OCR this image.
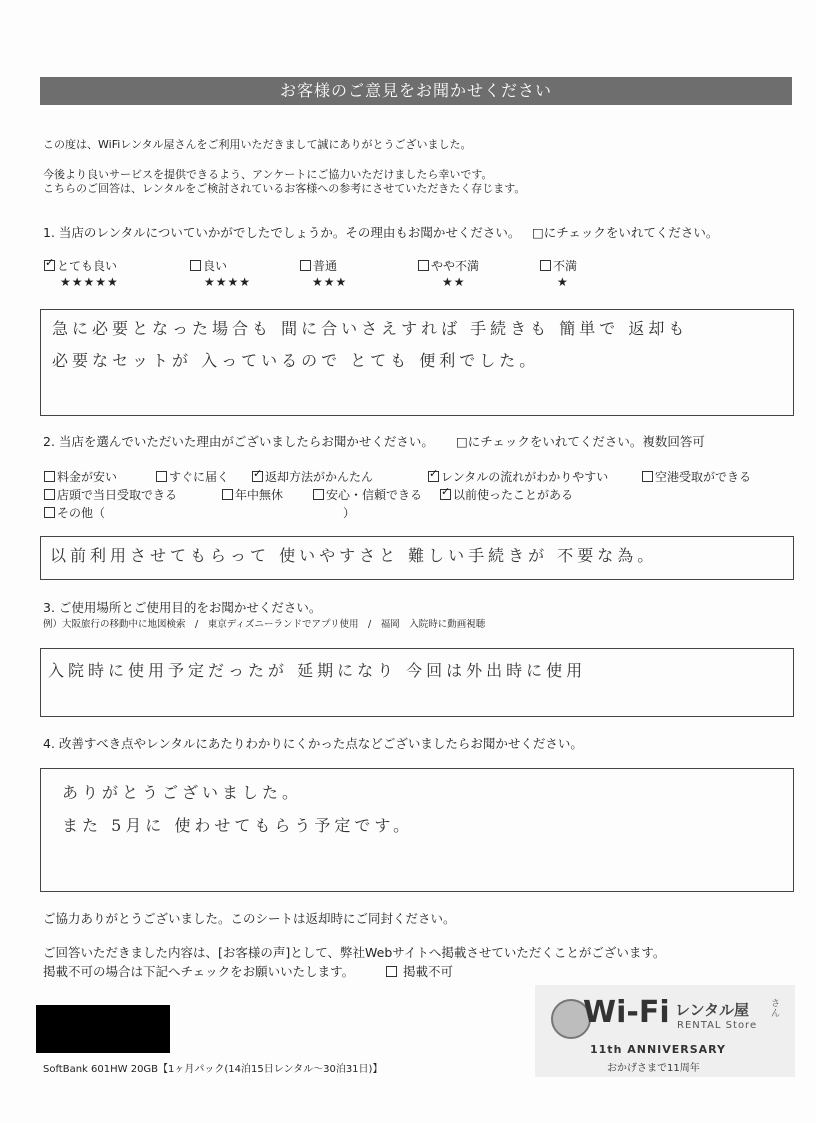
お客様のご意見をお聞かせください
この度は、WiFiレンタル屋さんをご利用いただきまして誠にありがとうございました。
今後より良いサービスを提供できるよう、アンケートにご協力いただけましたら幸いです。
こちらのご回答は、レンタルをご検討されているお客様への参考にさせていただきたく存じます。
1. 当店のレンタルについていかがでしたでしょうか。その理由もお聞かせください。 □にチェックをいれてください。
✓とても良い
★★★★★
良い
★★★★
普通
★★★
やや不満
★★
不満
★
急に必要となった場合も 間に合いさえすれば 手続きも 簡単で 返却も
必要なセットが 入っているので とても 便利でした。
2. 当店を選んでいただいた理由がございましたらお聞かせください。 □にチェックをいれてください。複数回答可
料金が安い	すぐに届く ✓	返却方法がかんたん ✓	レンタルの流れがわかりやすい	空港受取ができる
店頭で当日受取できる	年中無休	安心・信頼できる ✓	以前使ったことがある
その他（	）
以前利用させてもらって 使いやすさと 難しい手続きが 不要な為。
3. ご使用場所とご使用目的をお聞かせください。
例）大阪旅行の移動中に地図検索　/　東京ディズニーランドでアプリ使用　/　福岡　入院時に動画視聴
入院時に使用予定だったが 延期になり 今回は外出時に使用
4. 改善すべき点やレンタルにあたりわかりにくかった点などございましたらお聞かせください。
ありがとうございました。
また 5月に 使わせてもらう予定です。
ご協力ありがとうございました。このシートは返却時にご同封ください。
ご回答いただきました内容は、[お客様の声]として、弊社Webサイトへ掲載させていただくことがございます。
掲載不可の場合は下記へチェックをお願いいたします。	掲載不可
SoftBank 601HW 20GB【1ヶ月パック(14泊15日レンタル～30泊31日)】
Wi-Fi レンタル屋 さん
RENTAL Store
11th ANNIVERSARY
おかげさまで11周年
